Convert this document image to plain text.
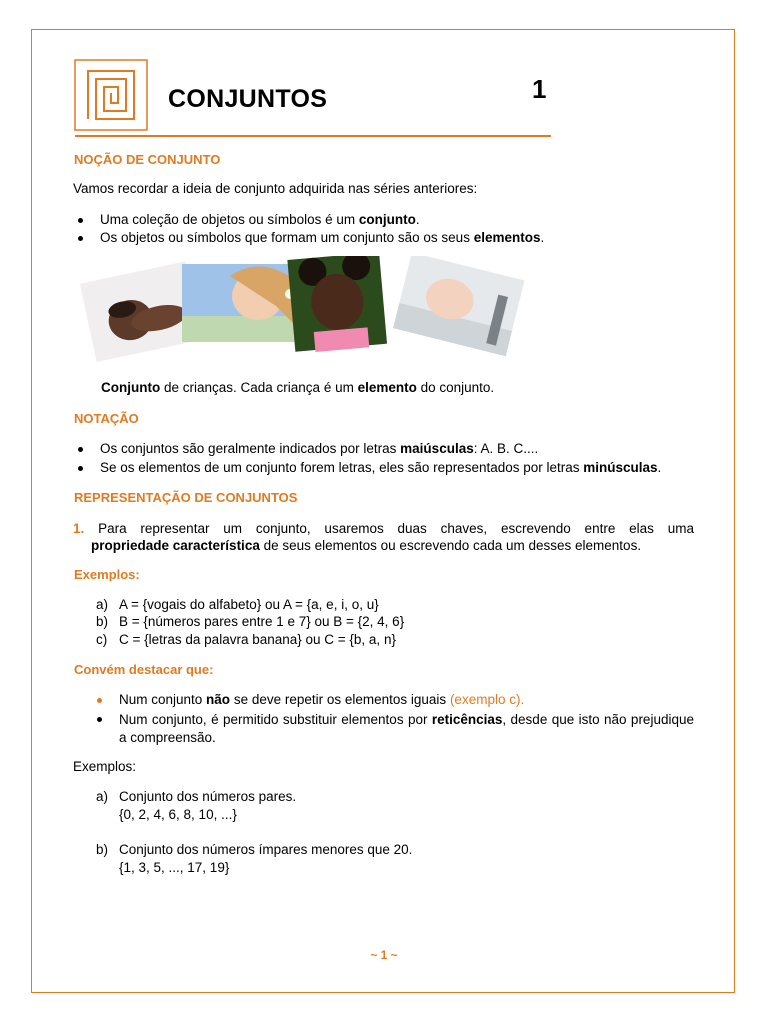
CONJUNTOS	1
NOÇÃO DE CONJUNTO
Vamos recordar a ideia de conjunto adquirida nas séries anteriores:
Uma coleção de objetos ou símbolos é um conjunto.
Os objetos ou símbolos que formam um conjunto são os seus elementos.
Conjunto de crianças. Cada criança é um elemento do conjunto.
NOTAÇÃO
Os conjuntos são geralmente indicados por letras maiúsculas: A. B. C....
Se os elementos de um conjunto forem letras, eles são representados por letras minúsculas.
REPRESENTAÇÃO DE CONJUNTOS
1. Para representar um conjunto, usaremos duas chaves, escrevendo entre elas uma
propriedade característica de seus elementos ou escrevendo cada um desses elementos.
Exemplos:
a) A = {vogais do alfabeto} ou A = {a, e, i, o, u}
b) B = {números pares entre 1 e 7} ou B = {2, 4, 6}
c) C = {letras da palavra banana} ou C = {b, a, n}
Convém destacar que:
Num conjunto não se deve repetir os elementos iguais (exemplo c).
Num conjunto, é permitido substituir elementos por reticências, desde que isto não prejudique a compreensão.
Exemplos:
a) Conjunto dos números pares.
{0, 2, 4, 6, 8, 10, ...}
b) Conjunto dos números ímpares menores que 20.
{1, 3, 5, ..., 17, 19}
~ 1 ~
